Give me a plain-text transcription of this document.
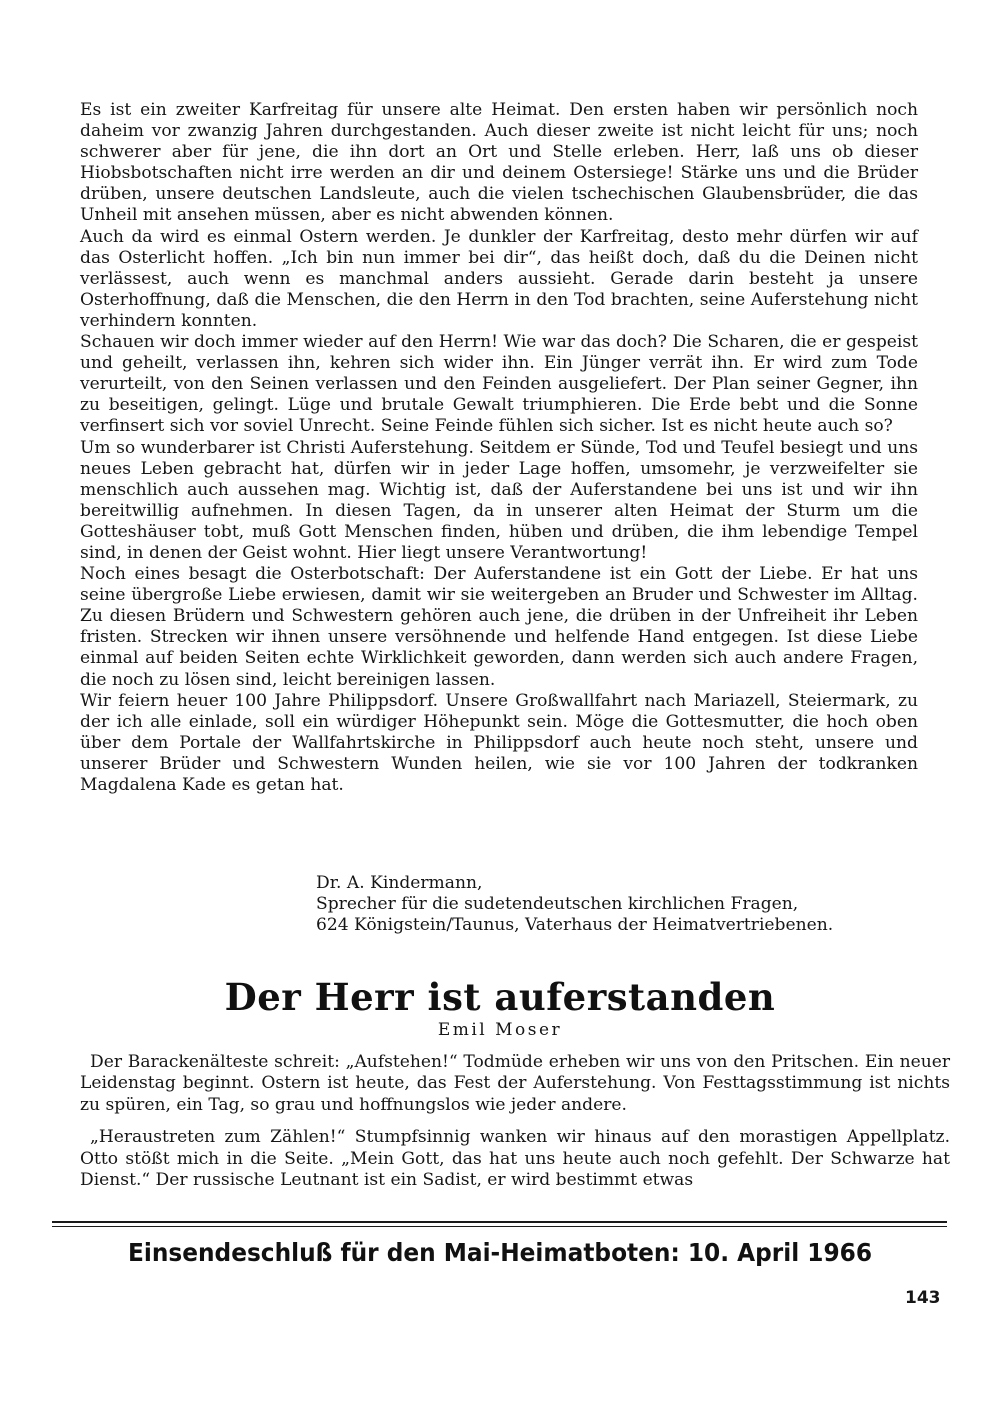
Es ist ein zweiter Karfreitag für unsere alte Heimat. Den ersten haben wir persönlich noch daheim vor zwanzig Jahren durchgestanden. Auch dieser zweite ist nicht leicht für uns; noch schwerer aber für jene, die ihn dort an Ort und Stelle erleben. Herr, laß uns ob dieser Hiobsbotschaften nicht irre werden an dir und deinem Ostersiege! Stärke uns und die Brüder drüben, unsere deutschen Landsleute, auch die vielen tschechischen Glaubensbrüder, die das Unheil mit ansehen müssen, aber es nicht abwenden können.

Auch da wird es einmal Ostern werden. Je dunkler der Karfreitag, desto mehr dürfen wir auf das Osterlicht hoffen. „Ich bin nun immer bei dir“, das heißt doch, daß du die Deinen nicht verlässest, auch wenn es manchmal anders aussieht. Gerade darin besteht ja unsere Osterhoffnung, daß die Menschen, die den Herrn in den Tod brachten, seine Auferstehung nicht verhindern konnten.

Schauen wir doch immer wieder auf den Herrn! Wie war das doch? Die Scharen, die er gespeist und geheilt, verlassen ihn, kehren sich wider ihn. Ein Jünger verrät ihn. Er wird zum Tode verurteilt, von den Seinen verlassen und den Feinden ausgeliefert. Der Plan seiner Gegner, ihn zu beseitigen, gelingt. Lüge und brutale Gewalt triumphieren. Die Erde bebt und die Sonne verfinsert sich vor soviel Unrecht. Seine Feinde fühlen sich sicher. Ist es nicht heute auch so?

Um so wunderbarer ist Christi Auferstehung. Seitdem er Sünde, Tod und Teufel besiegt und uns neues Leben gebracht hat, dürfen wir in jeder Lage hoffen, umsomehr, je verzweifelter sie menschlich auch aussehen mag. Wichtig ist, daß der Auferstandene bei uns ist und wir ihn bereitwillig aufnehmen. In diesen Tagen, da in unserer alten Heimat der Sturm um die Gotteshäuser tobt, muß Gott Menschen finden, hüben und drüben, die ihm lebendige Tempel sind, in denen der Geist wohnt. Hier liegt unsere Verantwortung!

Noch eines besagt die Osterbotschaft: Der Auferstandene ist ein Gott der Liebe. Er hat uns seine übergroße Liebe erwiesen, damit wir sie weitergeben an Bruder und Schwester im Alltag. Zu diesen Brüdern und Schwestern gehören auch jene, die drüben in der Unfreiheit ihr Leben fristen. Strecken wir ihnen unsere versöhnende und helfende Hand entgegen. Ist diese Liebe einmal auf beiden Seiten echte Wirklichkeit geworden, dann werden sich auch andere Fragen, die noch zu lösen sind, leicht bereinigen lassen.

Wir feiern heuer 100 Jahre Philippsdorf. Unsere Großwallfahrt nach Mariazell, Steiermark, zu der ich alle einlade, soll ein würdiger Höhepunkt sein. Möge die Gottesmutter, die hoch oben über dem Portale der Wallfahrtskirche in Philippsdorf auch heute noch steht, unsere und unserer Brüder und Schwestern Wunden heilen, wie sie vor 100 Jahren der todkranken Magdalena Kade es getan hat.

Dr. A. Kindermann,
Sprecher für die sudetendeutschen kirchlichen Fragen,
624 Königstein/Taunus, Vaterhaus der Heimatvertriebenen.
Der Herr ist auferstanden
Emil Moser

Der Barackenälteste schreit: „Aufstehen!“ Todmüde erheben wir uns von den Pritschen. Ein neuer Leidenstag beginnt. Ostern ist heute, das Fest der Auferstehung. Von Festtagsstimmung ist nichts zu spüren, ein Tag, so grau und hoffnungslos wie jeder andere.

„Heraustreten zum Zählen!“ Stumpfsinnig wanken wir hinaus auf den morastigen Appellplatz. Otto stößt mich in die Seite. „Mein Gott, das hat uns heute auch noch gefehlt. Der Schwarze hat Dienst.“ Der russische Leutnant ist ein Sadist, er wird bestimmt etwas

Einsendeschluß für den Mai-Heimatboten: 10. April 1966
143
